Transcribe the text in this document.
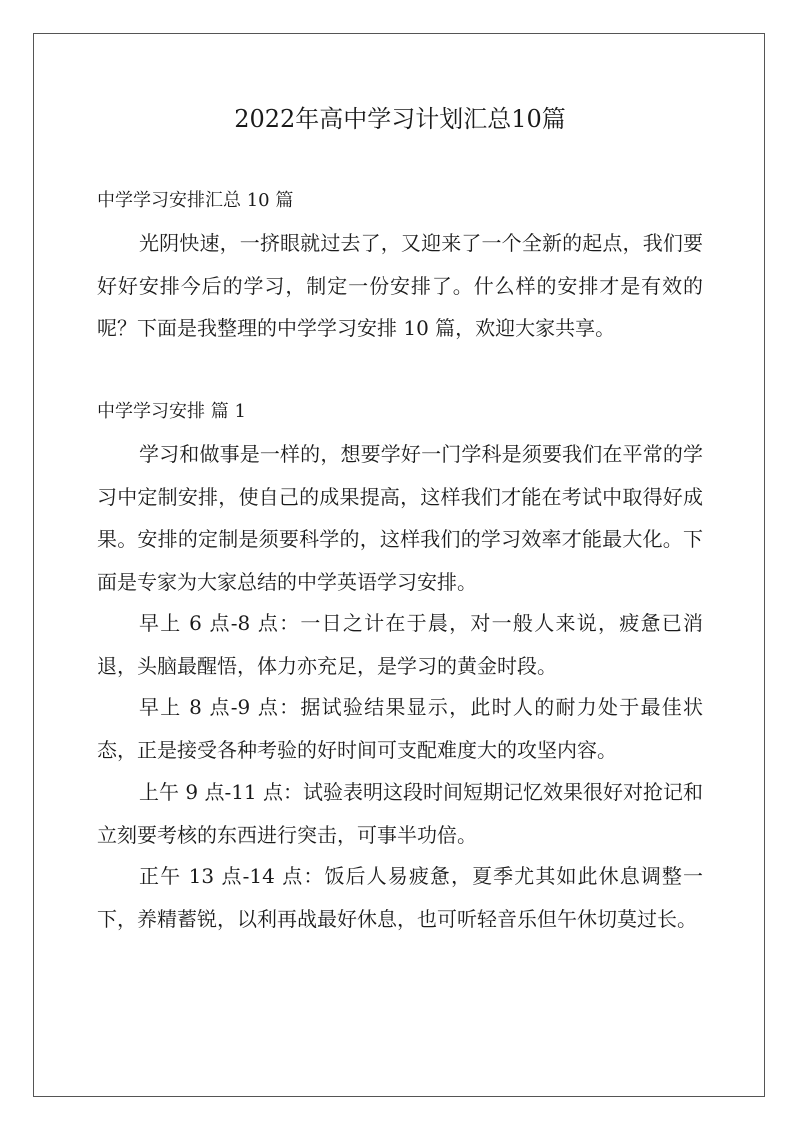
2022年高中学习计划汇总10篇
中学学习安排汇总 10 篇

光阴快速，一挤眼就过去了，又迎来了一个全新的起点，我们要好好安排今后的学习，制定一份安排了。什么样的安排才是有效的呢？下面是我整理的中学学习安排 10 篇，欢迎大家共享。

中学学习安排 篇 1

学习和做事是一样的，想要学好一门学科是须要我们在平常的学习中定制安排，使自己的成果提高，这样我们才能在考试中取得好成果。安排的定制是须要科学的，这样我们的学习效率才能最大化。下面是专家为大家总结的中学英语学习安排。

早上 6 点-8 点：一日之计在于晨，对一般人来说，疲惫已消退，头脑最醒悟，体力亦充足，是学习的黄金时段。

早上 8 点-9 点：据试验结果显示，此时人的耐力处于最佳状态，正是接受各种考验的好时间可支配难度大的攻坚内容。

上午 9 点-11 点：试验表明这段时间短期记忆效果很好对抢记和立刻要考核的东西进行突击，可事半功倍。

正午 13 点-14 点：饭后人易疲惫，夏季尤其如此休息调整一下，养精蓄锐，以利再战最好休息，也可听轻音乐但午休切莫过长。
